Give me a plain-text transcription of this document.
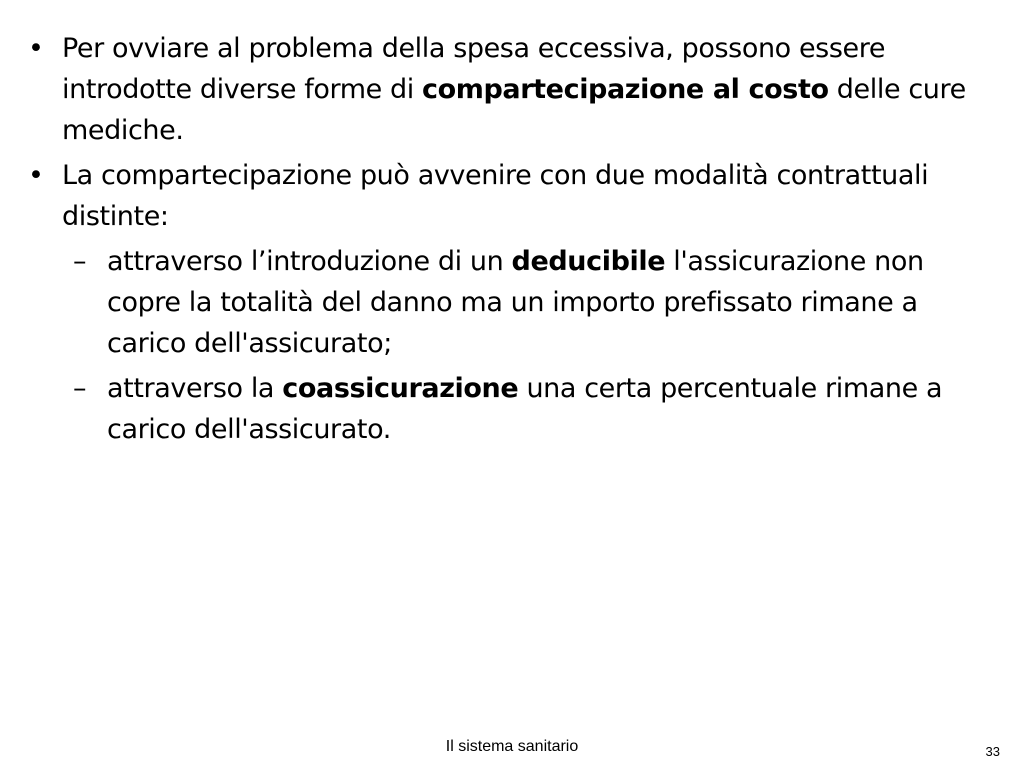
• Per ovviare al problema della spesa eccessiva, possono essere introdotte diverse forme di compartecipazione al costo delle cure mediche.
• La compartecipazione può avvenire con due modalità contrattuali distinte:
– attraverso l’introduzione di un deducibile l'assicurazione non copre la totalità del danno ma un importo prefissato rimane a carico dell'assicurato;
– attraverso la coassicurazione una certa percentuale rimane a carico dell'assicurato.
Il sistema sanitario	33
